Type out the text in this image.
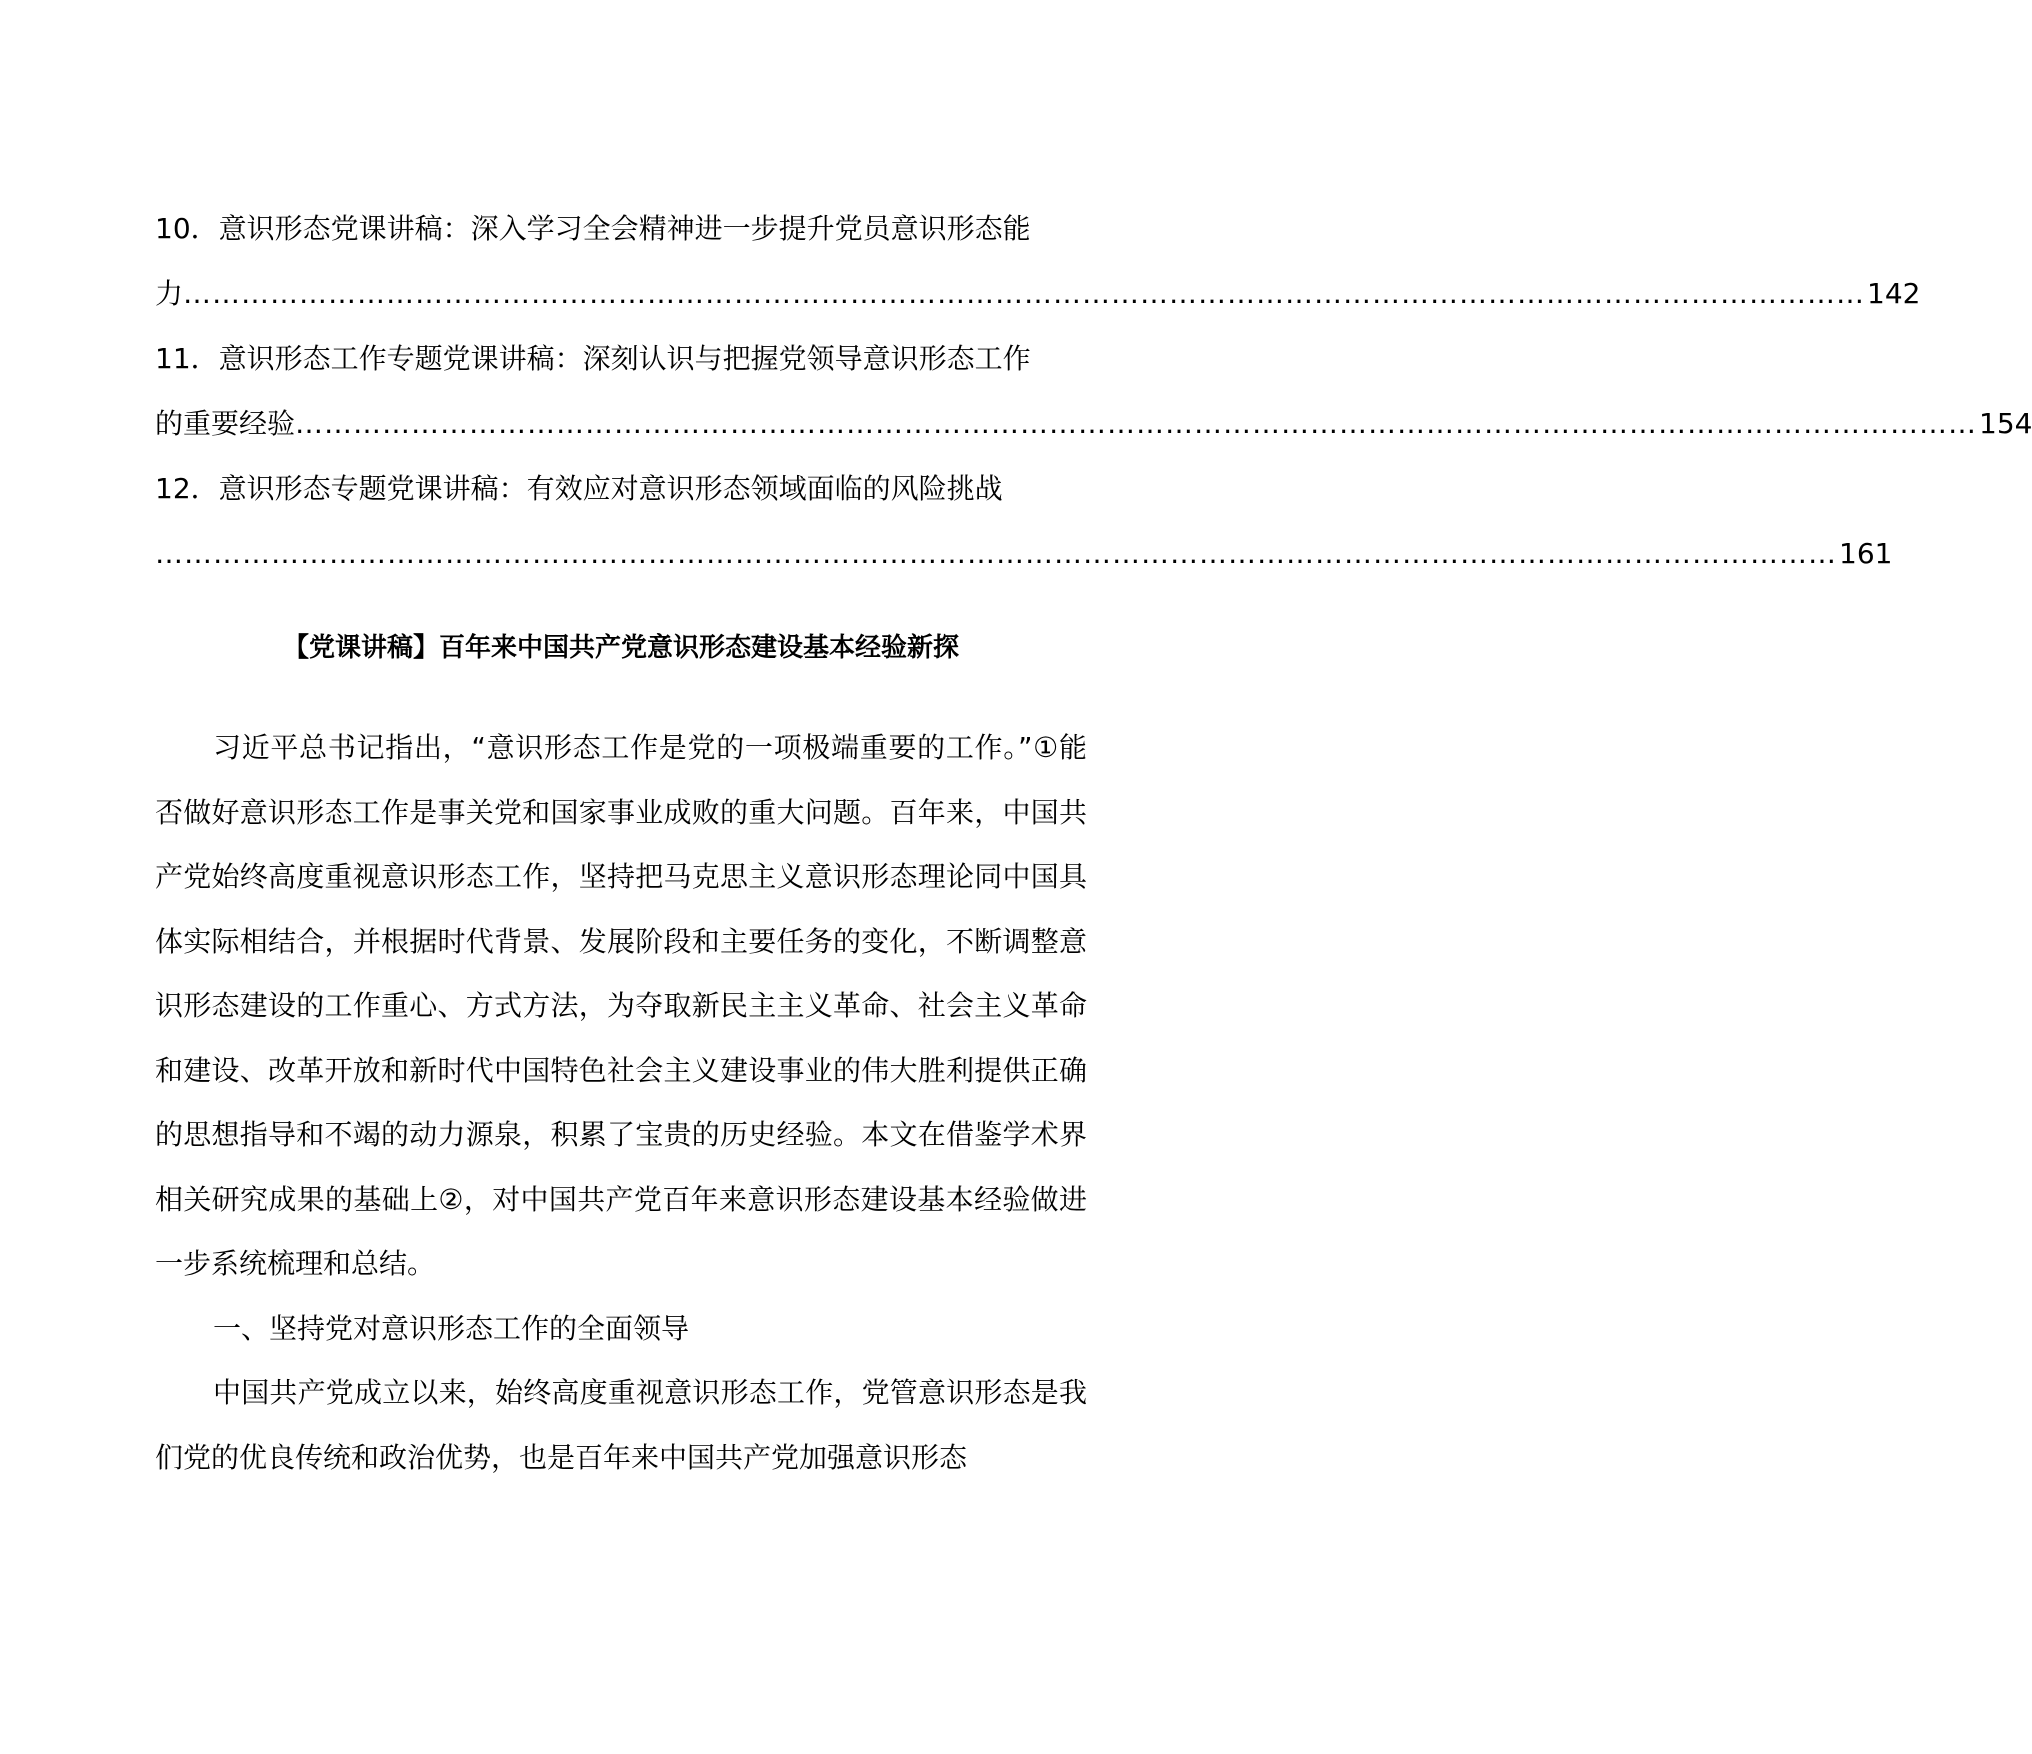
10．意识形态党课讲稿：深入学习全会精神进一步提升党员意识形态能
力 ………………………………………………………………………………………………………………………………………………………… 142
11．意识形态工作专题党课讲稿：深刻认识与把握党领导意识形态工作
的重要经验 ………………………………………………………………………………………………………………………………………………………… 154
12．意识形态专题党课讲稿：有效应对意识形态领域面临的风险挑战
………………………………………………………………………………………………………………………………………………………… 161
【党课讲稿】百年来中国共产党意识形态建设基本经验新探

习近平总书记指出，“意识形态工作是党的一项极端重要的工作。”①能否做好意识形态工作是事关党和国家事业成败的重大问题。百年来，中国共产党始终高度重视意识形态工作，坚持把马克思主义意识形态理论同中国具体实际相结合，并根据时代背景、发展阶段和主要任务的变化，不断调整意识形态建设的工作重心、方式方法，为夺取新民主主义革命、社会主义革命和建设、改革开放和新时代中国特色社会主义建设事业的伟大胜利提供正确的思想指导和不竭的动力源泉，积累了宝贵的历史经验。本文在借鉴学术界相关研究成果的基础上②，对中国共产党百年来意识形态建设基本经验做进一步系统梳理和总结。

一、坚持党对意识形态工作的全面领导

中国共产党成立以来，始终高度重视意识形态工作，党管意识形态是我们党的优良传统和政治优势，也是百年来中国共产党加强意识形态
